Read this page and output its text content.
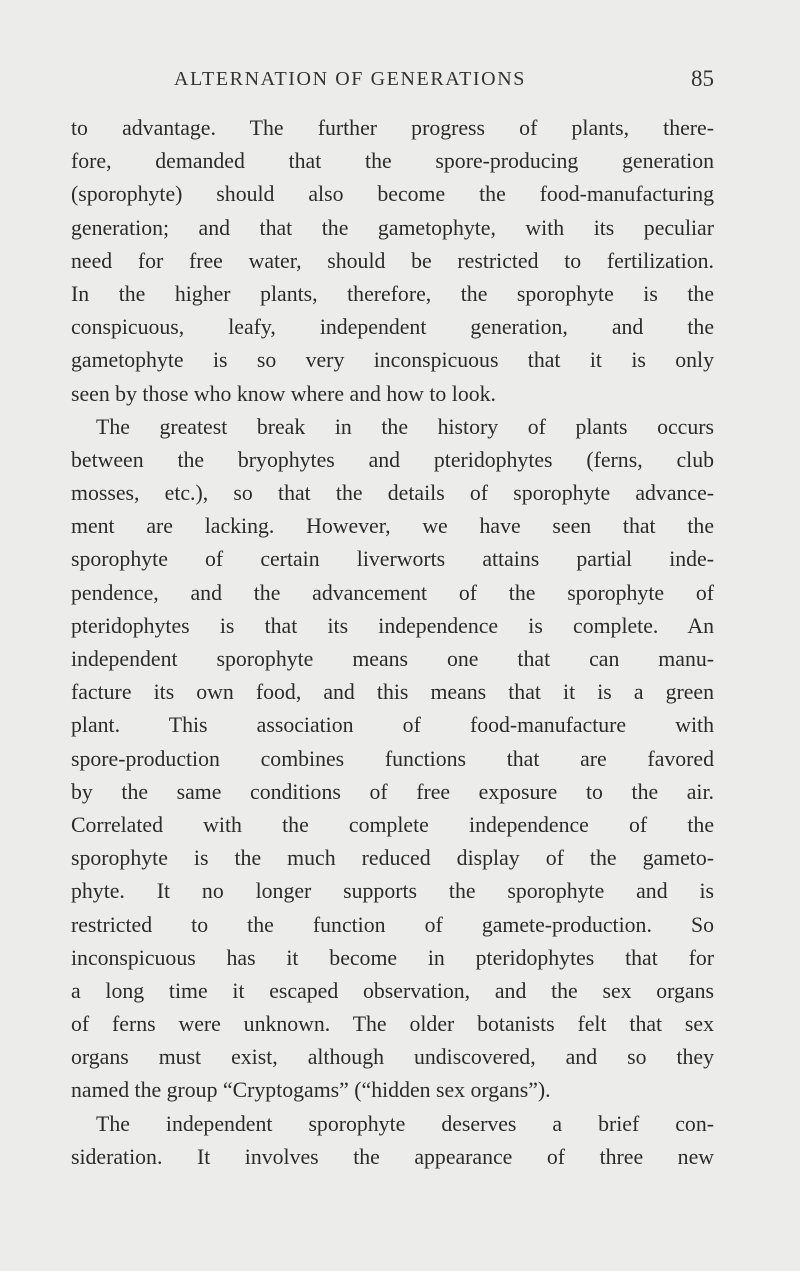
ALTERNATION OF GENERATIONS	85
to advantage. The further progress of plants, there-
fore, demanded that the spore-producing generation
(sporophyte) should also become the food-manufacturing
generation; and that the gametophyte, with its peculiar
need for free water, should be restricted to fertilization.
In the higher plants, therefore, the sporophyte is the
conspicuous, leafy, independent generation, and the
gametophyte is so very inconspicuous that it is only
seen by those who know where and how to look.
The greatest break in the history of plants occurs
between the bryophytes and pteridophytes (ferns, club
mosses, etc.), so that the details of sporophyte advance-
ment are lacking. However, we have seen that the
sporophyte of certain liverworts attains partial inde-
pendence, and the advancement of the sporophyte of
pteridophytes is that its independence is complete. An
independent sporophyte means one that can manu-
facture its own food, and this means that it is a green
plant. This association of food-manufacture with
spore-production combines functions that are favored
by the same conditions of free exposure to the air.
Correlated with the complete independence of the
sporophyte is the much reduced display of the gameto-
phyte. It no longer supports the sporophyte and is
restricted to the function of gamete-production. So
inconspicuous has it become in pteridophytes that for
a long time it escaped observation, and the sex organs
of ferns were unknown. The older botanists felt that sex
organs must exist, although undiscovered, and so they
named the group “Cryptogams” (“hidden sex organs”).
The independent sporophyte deserves a brief con-
sideration. It involves the appearance of three new
